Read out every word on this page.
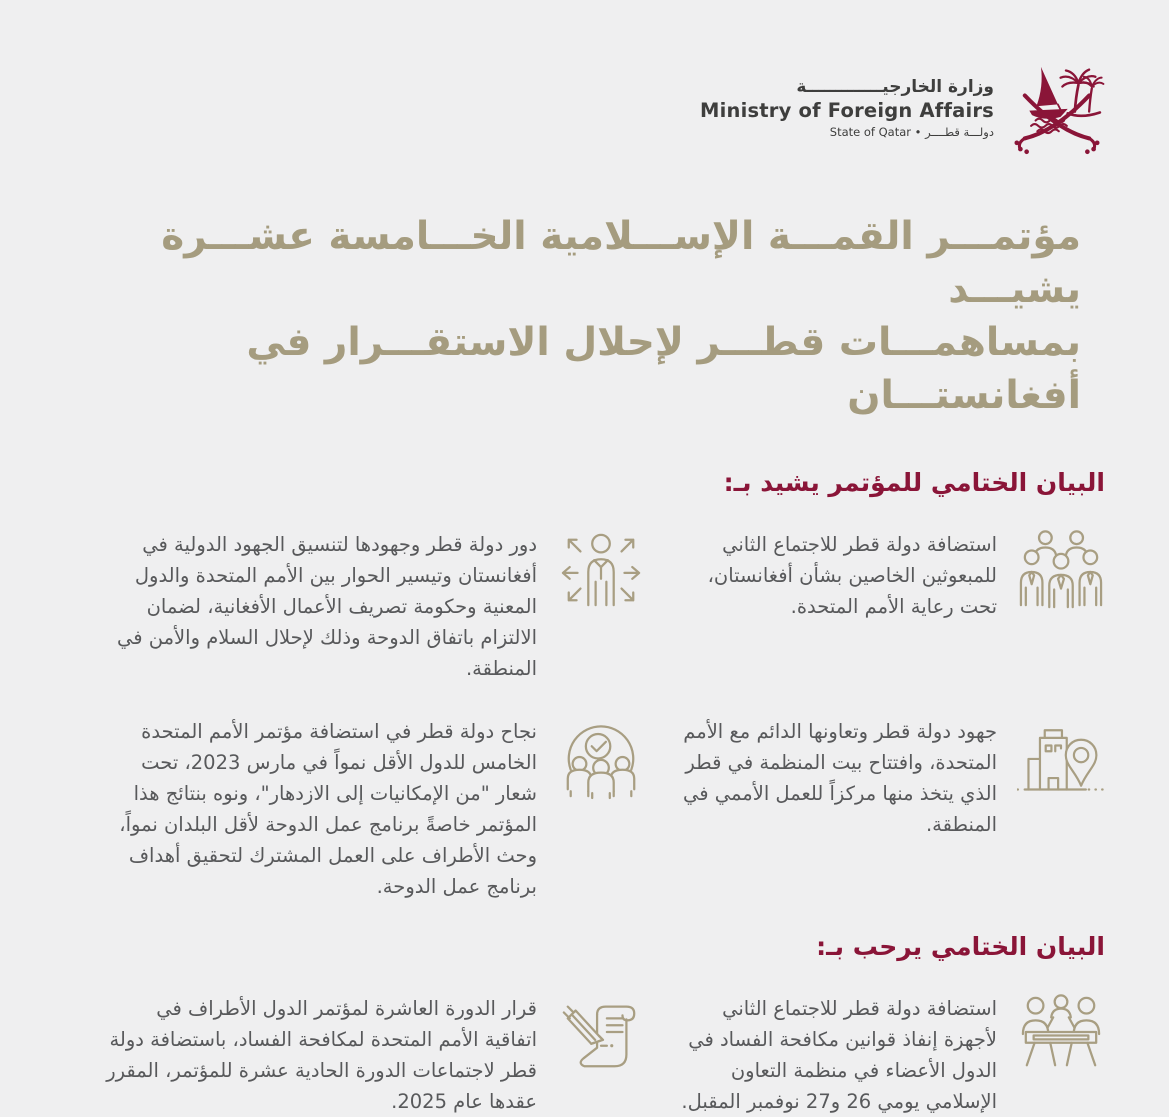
وزارة الخارجيـــــــــــــة
Ministry of Foreign Affairs
State of Qatar • دولـــة قطــــر
مؤتمـــر القمـــة الإســـلامية الخـــامسة عشـــرة يشيـــد
بمساهمـــات قطـــر لإحلال الاستقـــرار في أفغانستـــان
البيان الختامي للمؤتمر يشيد بـ:
استضافة دولة قطر للاجتماع الثاني للمبعوثين الخاصين بشأن أفغانستان، تحت رعاية الأمم المتحدة.
دور دولة قطر وجهودها لتنسيق الجهود الدولية في أفغانستان وتيسير الحوار بين الأمم المتحدة والدول المعنية وحكومة تصريف الأعمال الأفغانية، لضمان الالتزام باتفاق الدوحة وذلك لإحلال السلام والأمن في المنطقة.
جهود دولة قطر وتعاونها الدائم مع الأمم المتحدة، وافتتاح بيت المنظمة في قطر الذي يتخذ منها مركزاً للعمل الأممي في المنطقة.
نجاح دولة قطر في استضافة مؤتمر الأمم المتحدة الخامس للدول الأقل نمواً في مارس 2023، تحت شعار "من الإمكانيات إلى الازدهار"، ونوه بنتائج هذا المؤتمر خاصةً برنامج عمل الدوحة لأقل البلدان نمواً، وحث الأطراف على العمل المشترك لتحقيق أهداف برنامج عمل الدوحة.
البيان الختامي يرحب بـ:
استضافة دولة قطر للاجتماع الثاني لأجهزة إنفاذ قوانين مكافحة الفساد في الدول الأعضاء في منظمة التعاون الإسلامي يومي 26 و27 نوفمبر المقبل.
قرار الدورة العاشرة لمؤتمر الدول الأطراف في اتفاقية الأمم المتحدة لمكافحة الفساد، باستضافة دولة قطر لاجتماعات الدورة الحادية عشرة للمؤتمر، المقرر عقدها عام 2025.
